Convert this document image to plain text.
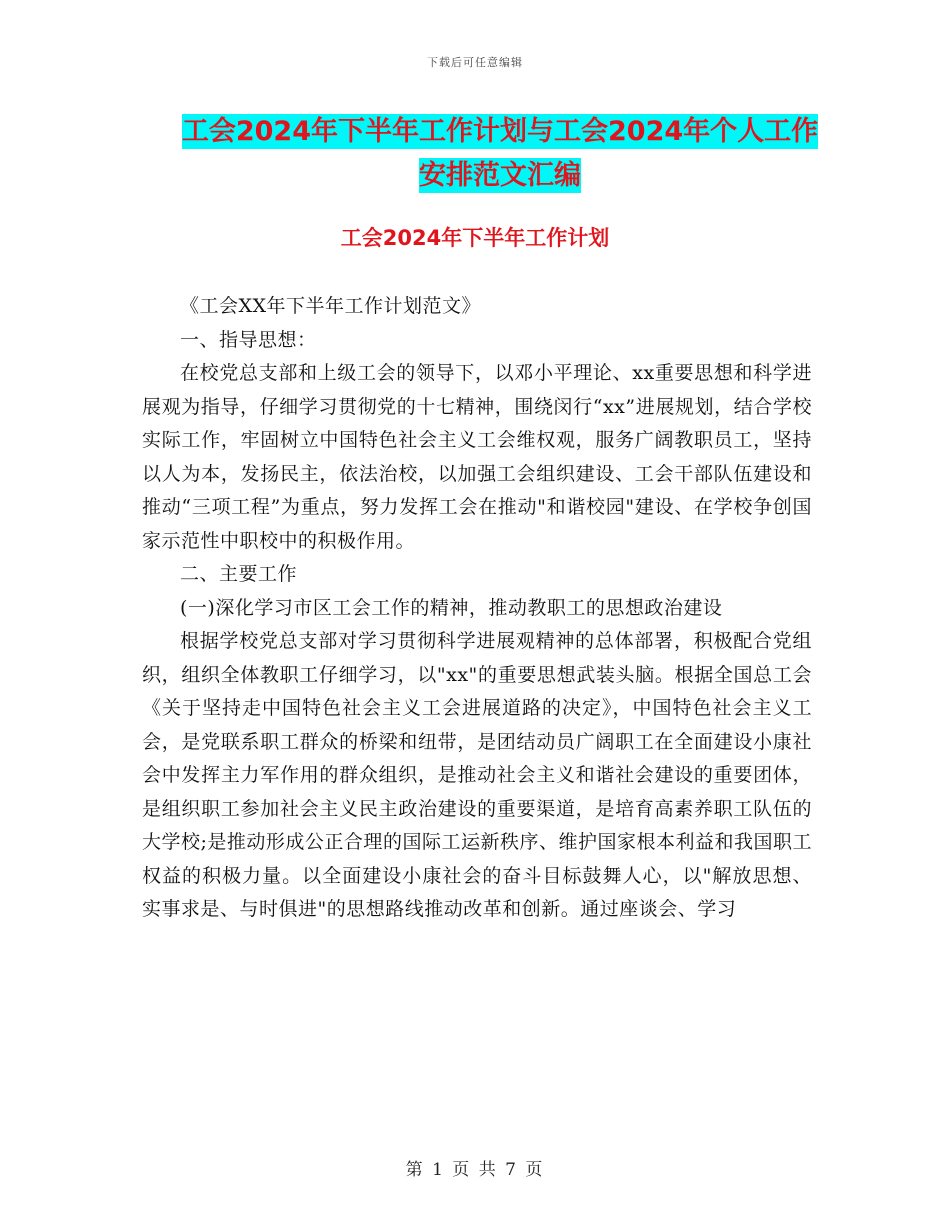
下载后可任意编辑
工会2024年下半年工作计划与工会2024年个人工作
安排范文汇编
工会2024年下半年工作计划

《工会XX年下半年工作计划范文》

一、指导思想：

在校党总支部和上级工会的领导下，以邓小平理论、xx重要思想和科学进展观为指导，仔细学习贯彻党的十七精神，围绕闵行“xx”进展规划，结合学校实际工作，牢固树立中国特色社会主义工会维权观，服务广阔教职员工，坚持以人为本，发扬民主，依法治校，以加强工会组织建设、工会干部队伍建设和推动“三项工程”为重点，努力发挥工会在推动"和谐校园"建设、在学校争创国家示范性中职校中的积极作用。

二、主要工作

(一)深化学习市区工会工作的精神，推动教职工的思想政治建设

根据学校党总支部对学习贯彻科学进展观精神的总体部署，积极配合党组织，组织全体教职工仔细学习，以"xx"的重要思想武装头脑。根据全国总工会《关于坚持走中国特色社会主义工会进展道路的决定》，中国特色社会主义工会，是党联系职工群众的桥梁和纽带，是团结动员广阔职工在全面建设小康社会中发挥主力军作用的群众组织，是推动社会主义和谐社会建设的重要团体，是组织职工参加社会主义民主政治建设的重要渠道，是培育高素养职工队伍的大学校;是推动形成公正合理的国际工运新秩序、维护国家根本利益和我国职工权益的积极力量。以全面建设小康社会的奋斗目标鼓舞人心，以"解放思想、实事求是、与时俱进"的思想路线推动改革和创新。通过座谈会、学习

第 1 页 共 7 页
